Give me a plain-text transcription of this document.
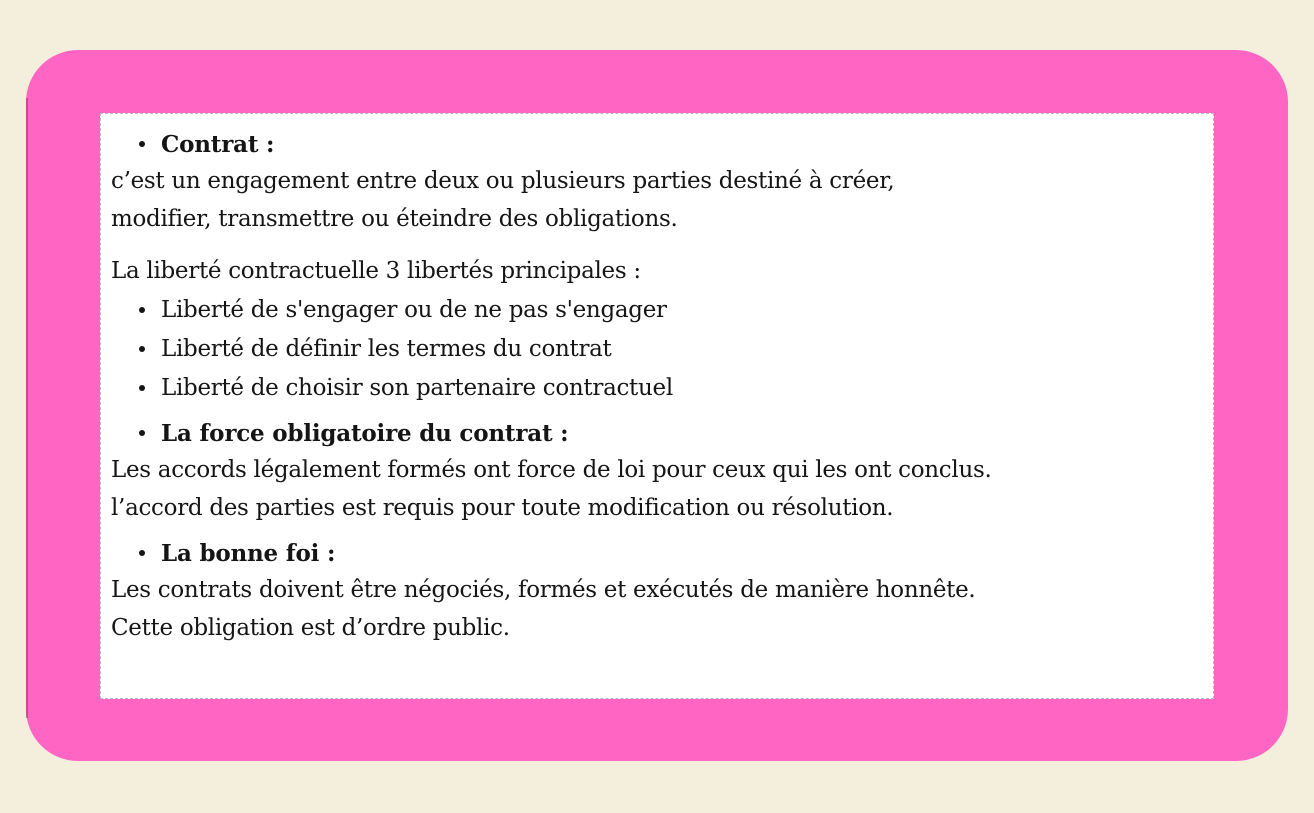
Contrat :

c’est un engagement entre deux ou plusieurs parties destiné à créer,

modifier, transmettre ou éteindre des obligations.

La liberté contractuelle 3 libertés principales :

Liberté de s'engager ou de ne pas s'engager
Liberté de définir les termes du contrat
Liberté de choisir son partenaire contractuel
La force obligatoire du contrat :

Les accords légalement formés ont force de loi pour ceux qui les ont conclus.

l’accord des parties est requis pour toute modification ou résolution.

La bonne foi :

Les contrats doivent être négociés, formés et exécutés de manière honnête.

Cette obligation est d’ordre public.
